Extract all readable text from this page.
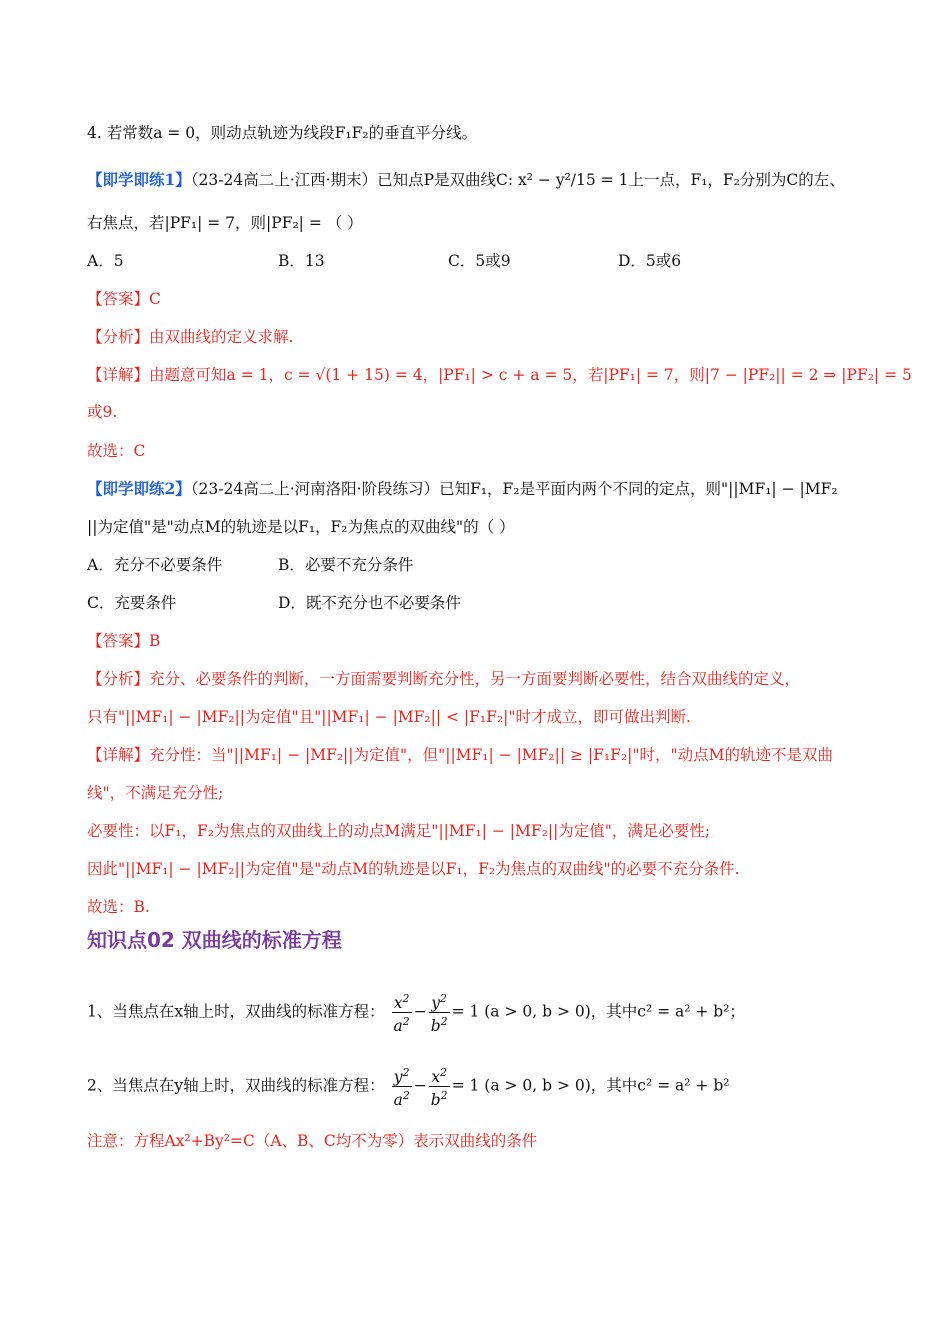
4. 若常数a = 0，则动点轨迹为线段F₁F₂的垂直平分线。
【即学即练1】（23-24高二上·江西·期末）已知点P是双曲线C: x² − y²/15 = 1上一点，F₁，F₂分别为C的左、
右焦点，若|PF₁| = 7，则|PF₂| = （ ）
A．5	B．13	C．5或9	D．5或6
【答案】C
【分析】由双曲线的定义求解.
【详解】由题意可知a = 1，c = √(1 + 15) = 4，|PF₁| > c + a = 5，若|PF₁| = 7，则|7 − |PF₂|| = 2 ⇒ |PF₂| = 5
或9.
故选：C
【即学即练2】（23-24高二上·河南洛阳·阶段练习）已知F₁，F₂是平面内两个不同的定点，则"||MF₁| − |MF₂
||为定值"是"动点M的轨迹是以F₁，F₂为焦点的双曲线"的（ ）
A．充分不必要条件	B．必要不充分条件
C．充要条件	D．既不充分也不必要条件
【答案】B
【分析】充分、必要条件的判断，一方面需要判断充分性，另一方面要判断必要性，结合双曲线的定义，
只有"||MF₁| − |MF₂||为定值"且"||MF₁| − |MF₂|| < |F₁F₂|"时才成立，即可做出判断.
【详解】充分性：当"||MF₁| − |MF₂||为定值"，但"||MF₁| − |MF₂|| ≥ |F₁F₂|"时，"动点M的轨迹不是双曲
线"，不满足充分性;
必要性：以F₁，F₂为焦点的双曲线上的动点M满足"||MF₁| − |MF₂||为定值"，满足必要性;
因此"||MF₁| − |MF₂||为定值"是"动点M的轨迹是以F₁，F₂为焦点的双曲线"的必要不充分条件.
故选：B.
知识点02 双曲线的标准方程
1、当焦点在x轴上时，双曲线的标准方程： $\frac{x^2}{a^2} - \frac{y^2}{b^2} = 1$ (a > 0, b > 0)，其中c² = a² + b²；
2、当焦点在y轴上时，双曲线的标准方程： $\frac{y^2}{a^2} - \frac{x^2}{b^2} = 1$ (a > 0, b > 0)，其中c² = a² + b²
注意：方程Ax²+By²=C（A、B、C均不为零）表示双曲线的条件
